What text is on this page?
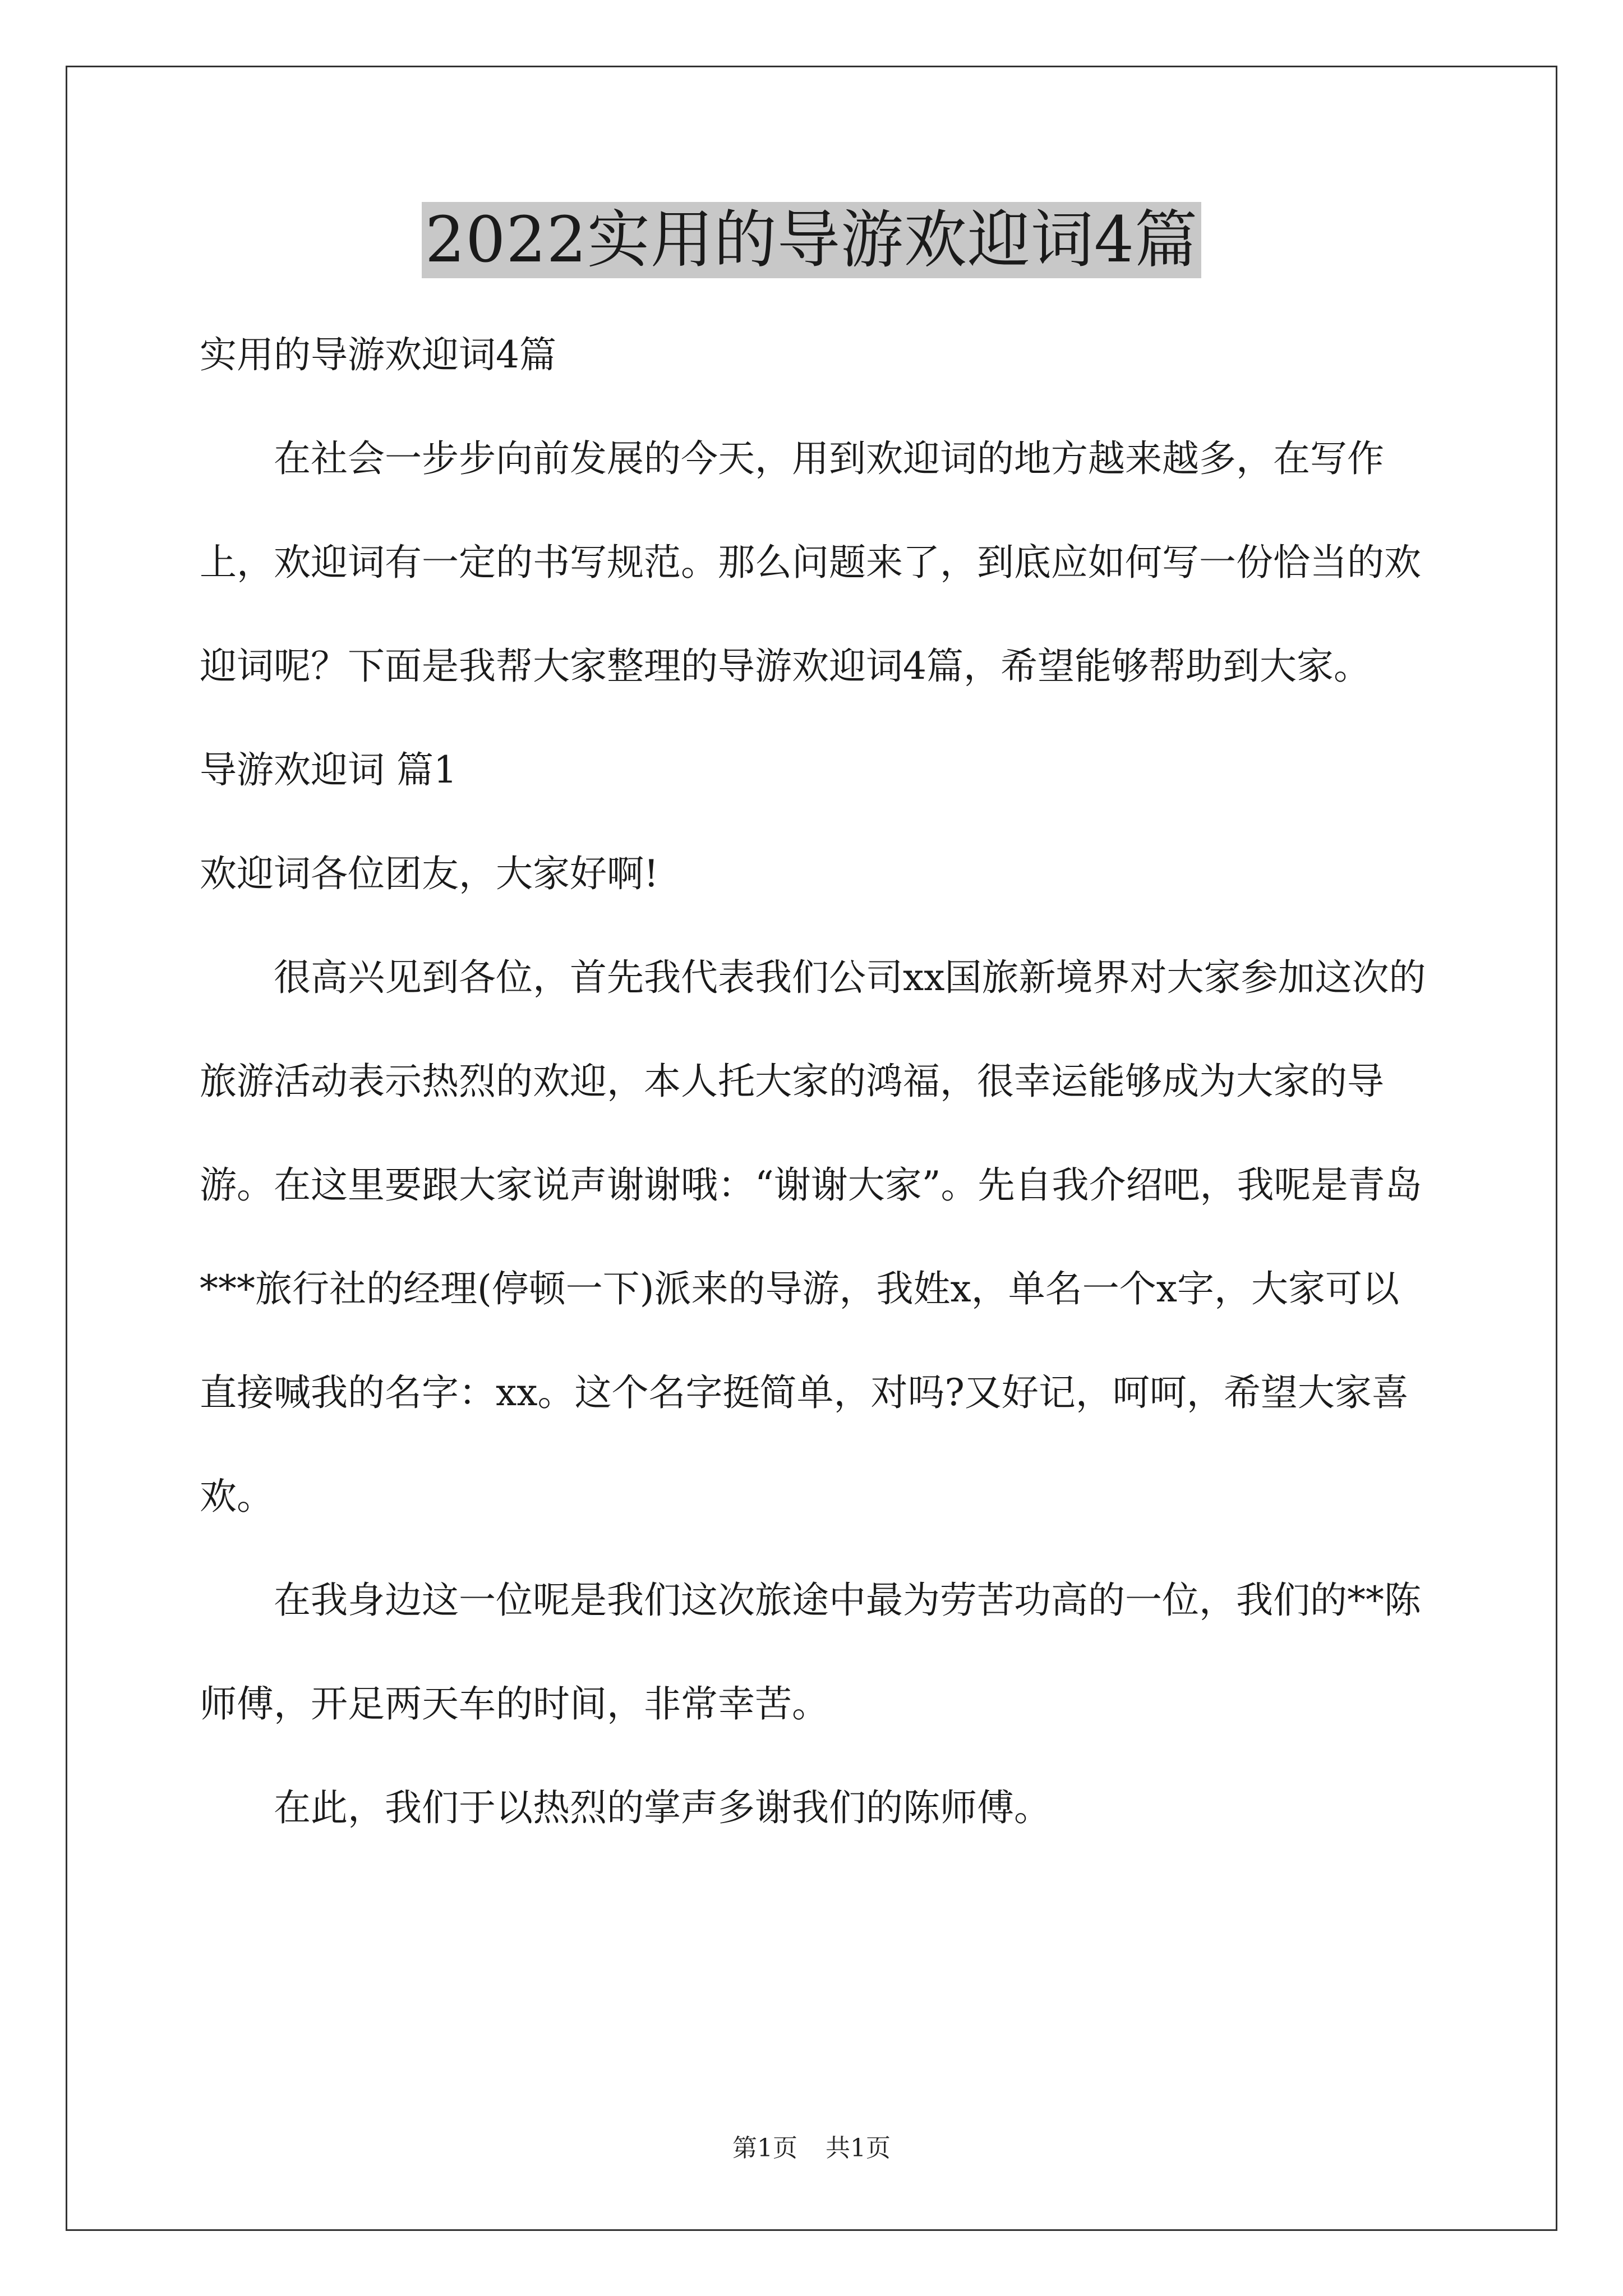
2022实用的导游欢迎词4篇

实用的导游欢迎词4篇

在社会一步步向前发展的今天，用到欢迎词的地方越来越多，在写作上，欢迎词有一定的书写规范。那么问题来了，到底应如何写一份恰当的欢迎词呢？下面是我帮大家整理的导游欢迎词4篇，希望能够帮助到大家。

导游欢迎词 篇1

欢迎词各位团友，大家好啊!

很高兴见到各位，首先我代表我们公司xx国旅新境界对大家参加这次的旅游活动表示热烈的欢迎，本人托大家的鸿福，很幸运能够成为大家的导游。在这里要跟大家说声谢谢哦：“谢谢大家”。先自我介绍吧，我呢是青岛***旅行社的经理(停顿一下)派来的导游，我姓x，单名一个x字，大家可以直接喊我的名字：xx。这个名字挺简单，对吗?又好记，呵呵，希望大家喜欢。

在我身边这一位呢是我们这次旅途中最为劳苦功高的一位，我们的**陈师傅，开足两天车的时间，非常幸苦。

在此，我们于以热烈的掌声多谢我们的陈师傅。

第1页 共1页
